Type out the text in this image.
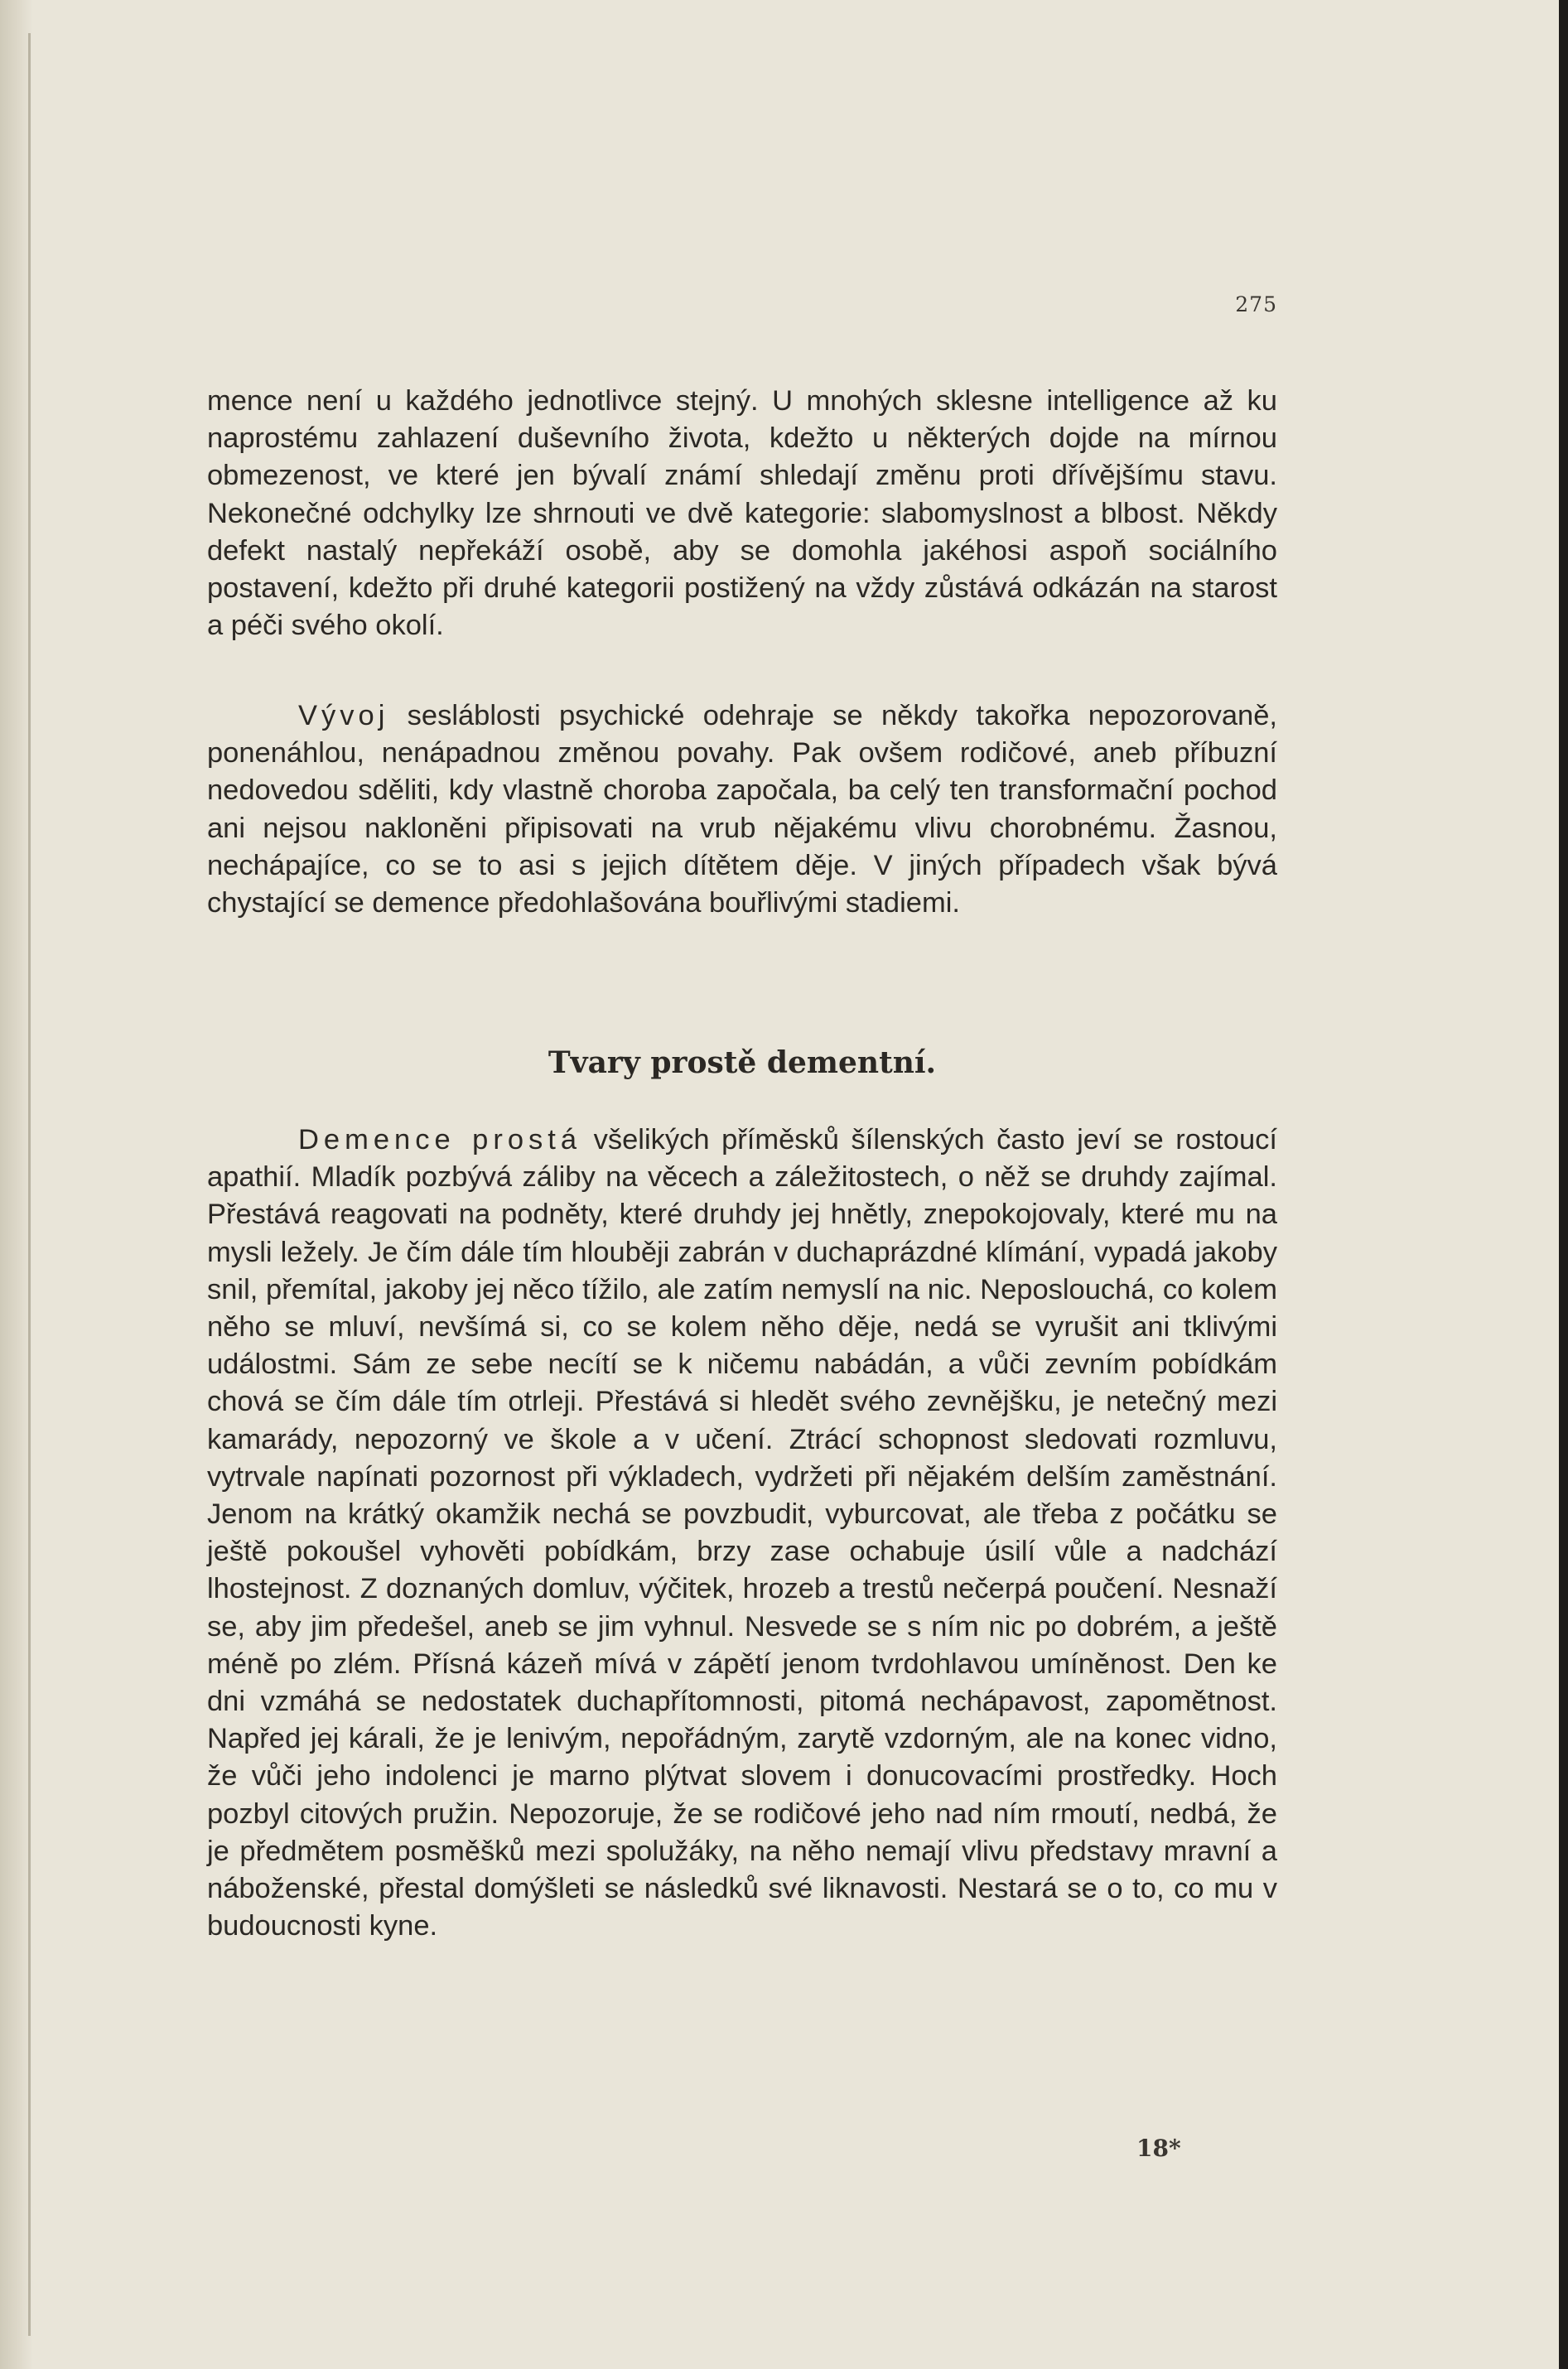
275

mence není u každého jednotlivce stejný. U mnohých sklesne intelligence až ku naprostému zahlazení duševního života, kdežto u některých dojde na mírnou obmezenost, ve které jen bývalí známí shledají změnu proti dřívějšímu stavu. Nekonečné odchylky lze shrnouti ve dvě kategorie: slabomyslnost a blbost. Někdy defekt nastalý nepřekáží osobě, aby se domohla jakéhosi aspoň sociálního postavení, kdežto při druhé kategorii postižený na vždy zůstává odkázán na starost a péči svého okolí.

Vývoj sesláblosti psychické odehraje se někdy takořka nepozorovaně, ponenáhlou, nenápadnou změnou povahy. Pak ovšem rodičové, aneb příbuzní nedovedou sděliti, kdy vlastně choroba započala, ba celý ten transformační pochod ani nejsou nakloněni připisovati na vrub nějakému vlivu chorobnému. Žasnou, nechápajíce, co se to asi s jejich dítětem děje. V jiných případech však bývá chystající se demence předohlašována bouřlivými stadiemi.

Tvary prostě dementní.

Demence prostá všelikých příměsků šílenských často jeví se rostoucí apathií. Mladík pozbývá záliby na věcech a záležitostech, o něž se druhdy zajímal. Přestává reagovati na podněty, které druhdy jej hnětly, znepokojovaly, které mu na mysli ležely. Je čím dále tím hlouběji zabrán v duchaprázdné klímání, vypadá jakoby snil, přemítal, jakoby jej něco tížilo, ale zatím nemyslí na nic. Neposlouchá, co kolem něho se mluví, nevšímá si, co se kolem něho děje, nedá se vyrušit ani tklivými událostmi. Sám ze sebe necítí se k ničemu nabádán, a vůči zevním pobídkám chová se čím dále tím otrleji. Přestává si hledět svého zevnějšku, je netečný mezi kamarády, nepozorný ve škole a v učení. Ztrácí schopnost sledovati rozmluvu, vytrvale napínati pozornost při výkladech, vydržeti při nějakém delším zaměstnání. Jenom na krátký okamžik nechá se povzbudit, vyburcovat, ale třeba z počátku se ještě pokoušel vyhověti pobídkám, brzy zase ochabuje úsilí vůle a nadchází lhostejnost. Z doznaných domluv, výčitek, hrozeb a trestů nečerpá poučení. Nesnaží se, aby jim předešel, aneb se jim vyhnul. Nesvede se s ním nic po dobrém, a ještě méně po zlém. Přísná kázeň mívá v zápětí jenom tvrdohlavou umíněnost. Den ke dni vzmáhá se nedostatek duchapřítomnosti, pitomá nechápavost, zapomětnost. Napřed jej kárali, že je lenivým, nepořádným, zarytě vzdorným, ale na konec vidno, že vůči jeho indolenci je marno plýtvat slovem i donucovacími prostředky. Hoch pozbyl citových pružin. Nepozoruje, že se rodičové jeho nad ním rmoutí, nedbá, že je předmětem posměšků mezi spolužáky, na něho nemají vlivu představy mravní a náboženské, přestal domýšleti se následků své liknavosti. Nestará se o to, co mu v budoucnosti kyne.

18*
